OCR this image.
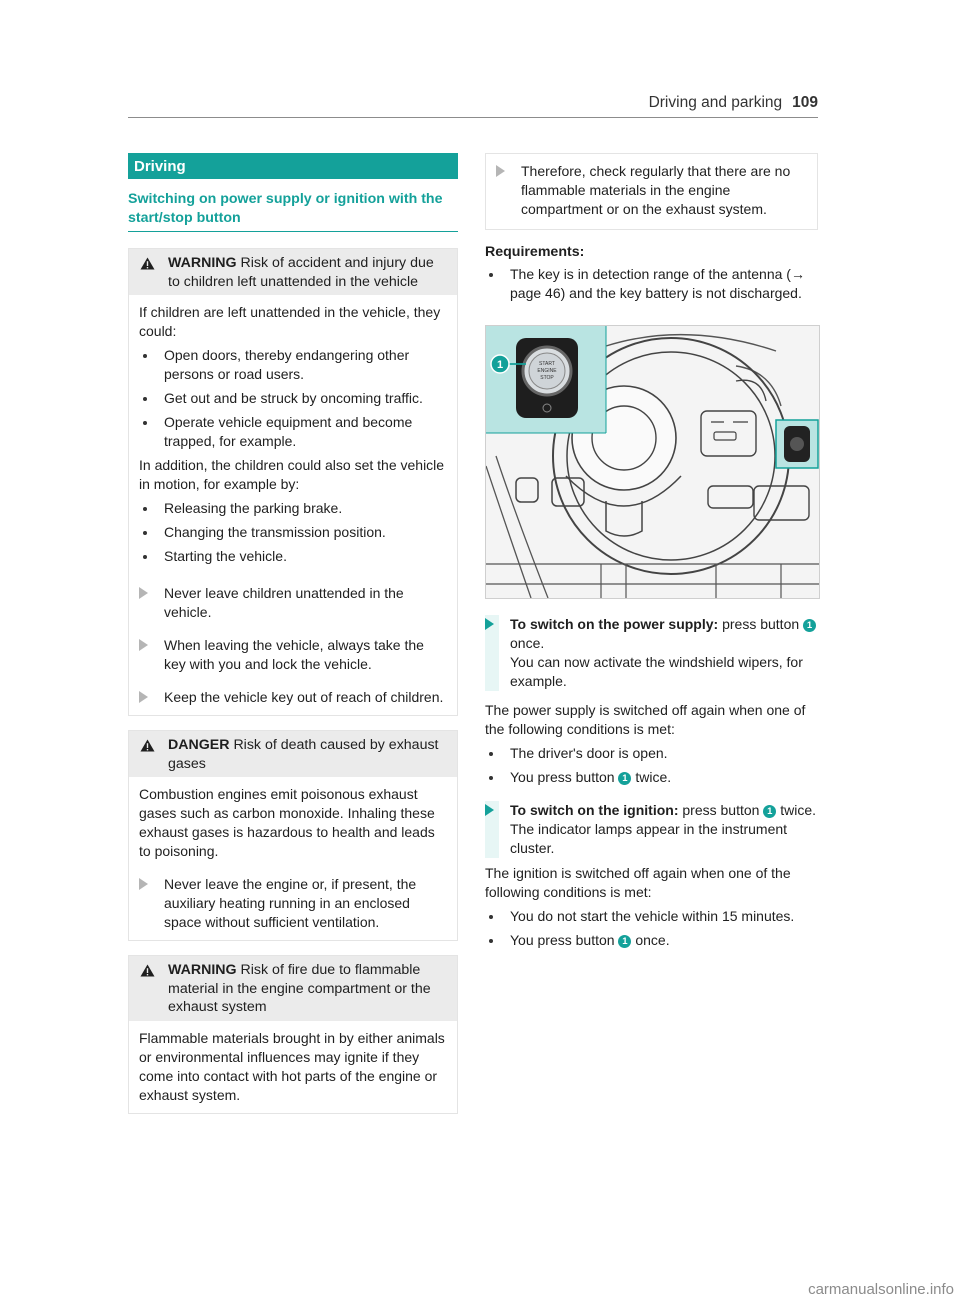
Driving and parking 109
Driving
Switching on power supply or ignition with the start/stop button
WARNING Risk of accident and injury due to children left unattended in the vehicle

If children are left unattended in the vehicle, they could:

Open doors, thereby endangering other persons or road users.
Get out and be struck by oncoming traffic.
Operate vehicle equipment and become trapped, for example.

In addition, the children could also set the vehicle in motion, for example by:

Releasing the parking brake.
Changing the transmission position.
Starting the vehicle.
Never leave children unattended in the vehicle.
When leaving the vehicle, always take the key with you and lock the vehicle.
Keep the vehicle key out of reach of children.
DANGER Risk of death caused by exhaust gases

Combustion engines emit poisonous exhaust gases such as carbon monoxide. Inhaling these exhaust gases is hazardous to health and leads to poisoning.

Never leave the engine or, if present, the auxiliary heating running in an enclosed space without sufficient ventilation.
WARNING Risk of fire due to flammable material in the engine compartment or the exhaust system

Flammable materials brought in by either animals or environmental influences may ignite if they come into contact with hot parts of the engine or exhaust system.

Therefore, check regularly that there are no flammable materials in the engine compartment or on the exhaust system.
Requirements:
The key is in detection range of the antenna (→ page 46) and the key battery is not discharged.
START
ENGINE
STOP
1
To switch on the power supply: press button 1 once.
You can now activate the windshield wipers, for example.
The power supply is switched off again when one of the following conditions is met:
The driver's door is open.
You press button 1 twice.
To switch on the ignition: press button 1 twice.
The indicator lamps appear in the instrument cluster.
The ignition is switched off again when one of the following conditions is met:
You do not start the vehicle within 15 minutes.
You press button 1 once.
carmanualsonline.info
